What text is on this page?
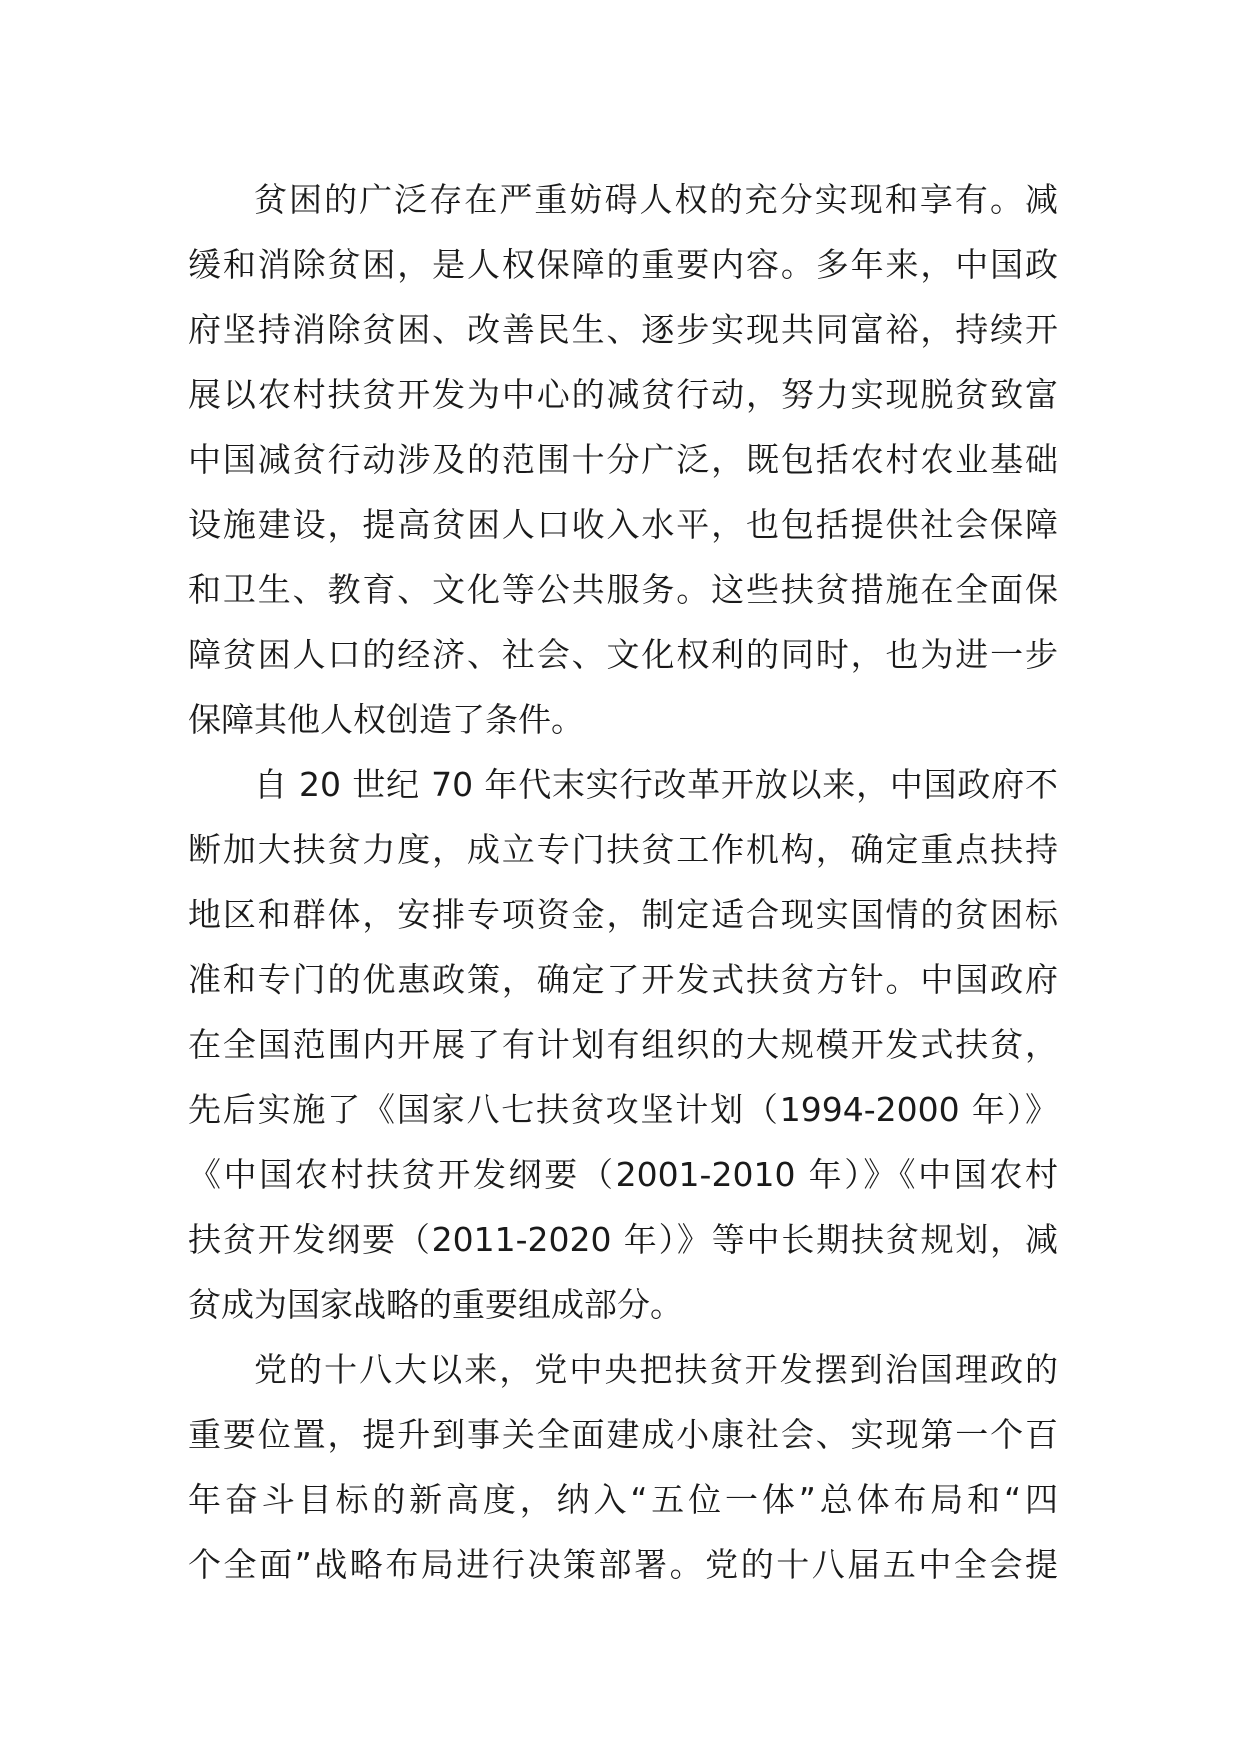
贫困的广泛存在严重妨碍人权的充分实现和享有。减
缓和消除贫困，是人权保障的重要内容。多年来，中国政
府坚持消除贫困、改善民生、逐步实现共同富裕，持续开
展以农村扶贫开发为中心的减贫行动，努力实现脱贫致富
中国减贫行动涉及的范围十分广泛，既包括农村农业基础
设施建设，提高贫困人口收入水平，也包括提供社会保障
和卫生、教育、文化等公共服务。这些扶贫措施在全面保
障贫困人口的经济、社会、文化权利的同时，也为进一步
保障其他人权创造了条件。
自 20 世纪 70 年代末实行改革开放以来，中国政府不
断加大扶贫力度，成立专门扶贫工作机构，确定重点扶持
地区和群体，安排专项资金，制定适合现实国情的贫困标
准和专门的优惠政策，确定了开发式扶贫方针。中国政府
在全国范围内开展了有计划有组织的大规模开发式扶贫，
先后实施了《国家八七扶贫攻坚计划（1994-2000 年）》
《中国农村扶贫开发纲要（2001-2010 年）》《中国农村
扶贫开发纲要（2011-2020 年）》等中长期扶贫规划，减
贫成为国家战略的重要组成部分。
党的十八大以来，党中央把扶贫开发摆到治国理政的
重要位置，提升到事关全面建成小康社会、实现第一个百
年奋斗目标的新高度，纳入“五位一体”总体布局和“四
个全面”战略布局进行决策部署。党的十八届五中全会提
